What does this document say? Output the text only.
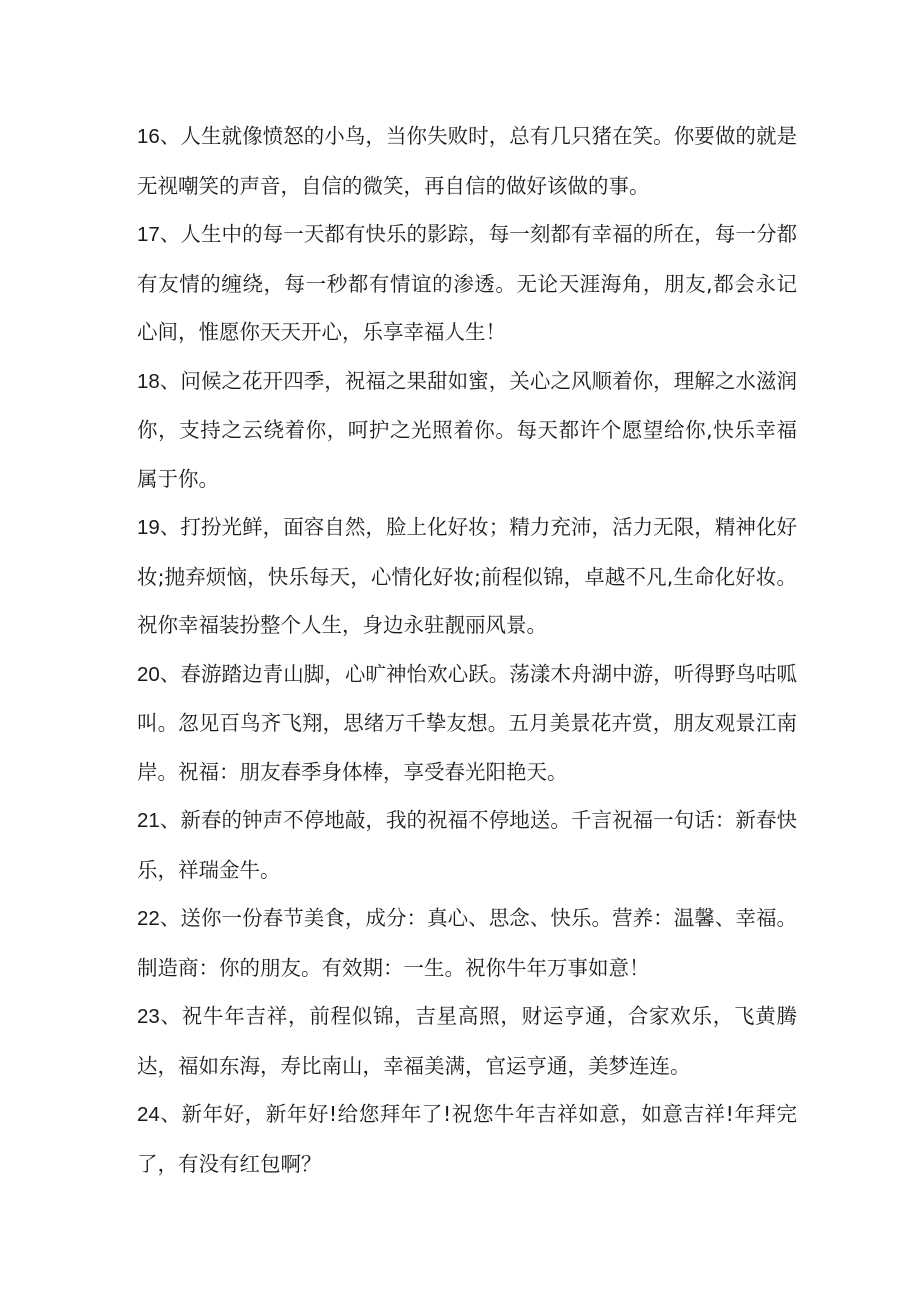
16、人生就像愤怒的小鸟，当你失败时，总有几只猪在笑。你要做的就是无视嘲笑的声音，自信的微笑，再自信的做好该做的事。

17、人生中的每一天都有快乐的影踪，每一刻都有幸福的所在，每一分都有友情的缠绕，每一秒都有情谊的渗透。无论天涯海角，朋友,都会永记心间，惟愿你天天开心，乐享幸福人生！

18、问候之花开四季，祝福之果甜如蜜，关心之风顺着你，理解之水滋润你，支持之云绕着你，呵护之光照着你。每天都许个愿望给你,快乐幸福属于你。

19、打扮光鲜，面容自然，脸上化好妆；精力充沛，活力无限，精神化好妆;抛弃烦恼，快乐每天，心情化好妆;前程似锦，卓越不凡,生命化好妆。祝你幸福装扮整个人生，身边永驻靓丽风景。

20、春游踏边青山脚，心旷神怡欢心跃。荡漾木舟湖中游，听得野鸟咕呱叫。忽见百鸟齐飞翔，思绪万千挚友想。五月美景花卉赏，朋友观景江南岸。祝福：朋友春季身体棒，享受春光阳艳天。

21、新春的钟声不停地敲，我的祝福不停地送。千言祝福一句话：新春快乐，祥瑞金牛。

22、送你一份春节美食，成分：真心、思念、快乐。营养：温馨、幸福。制造商：你的朋友。有效期：一生。祝你牛年万事如意！

23、祝牛年吉祥，前程似锦，吉星高照，财运亨通，合家欢乐，飞黄腾达，福如东海，寿比南山，幸福美满，官运亨通，美梦连连。

24、新年好，新年好!给您拜年了!祝您牛年吉祥如意，如意吉祥!年拜完了，有没有红包啊？
